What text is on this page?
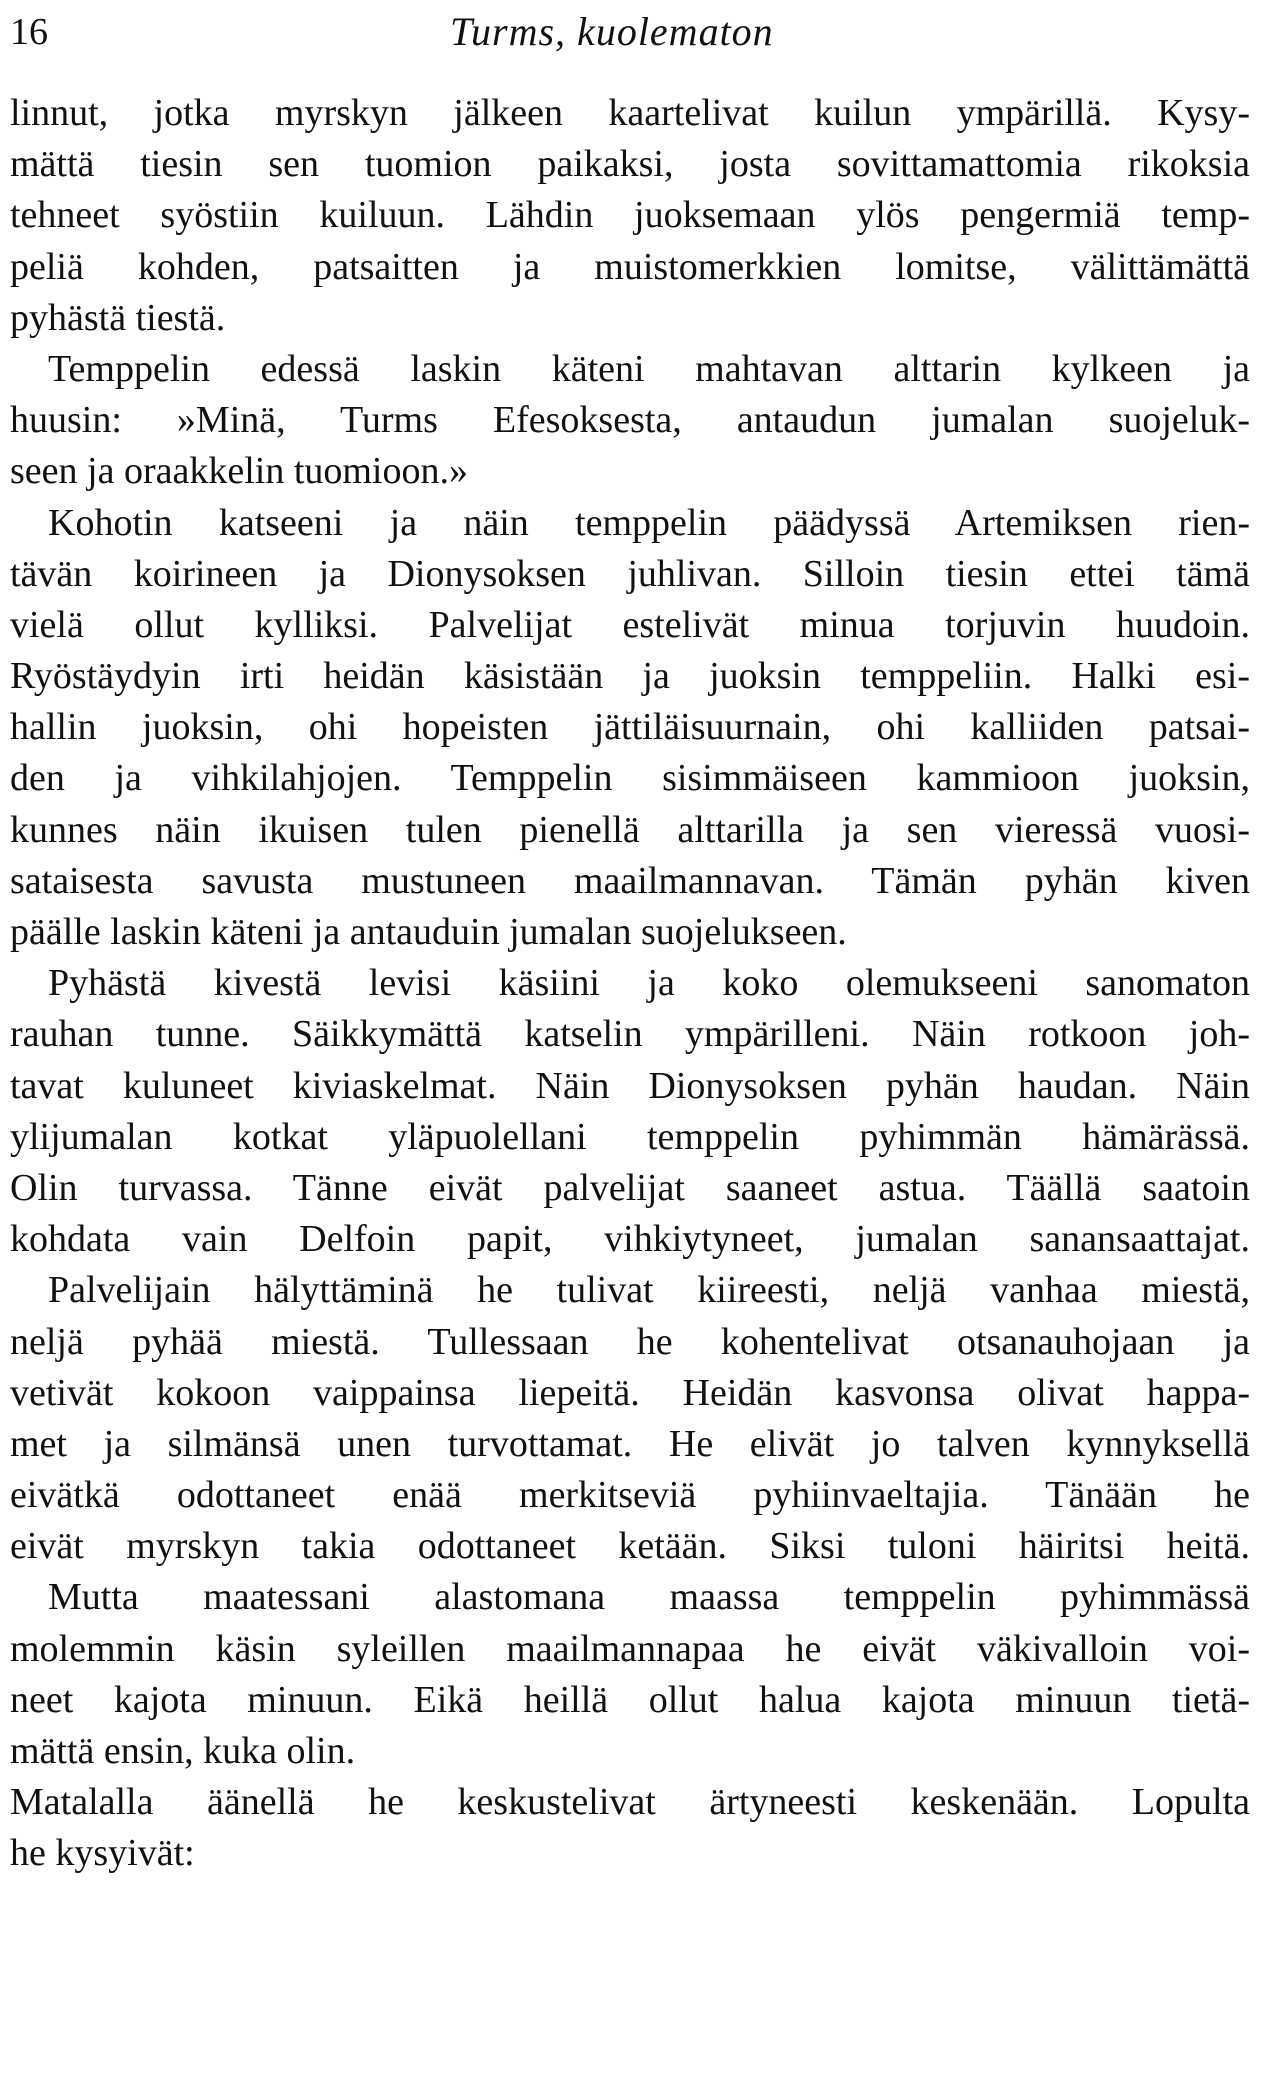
16	Turms, kuolematon
linnut, jotka myrskyn jälkeen kaartelivat kuilun ympärillä. Kysy-
mättä tiesin sen tuomion paikaksi, josta sovittamattomia rikoksia
tehneet syöstiin kuiluun. Lähdin juoksemaan ylös pengermiä temp-
peliä kohden, patsaitten ja muistomerkkien lomitse, välittämättä
pyhästä tiestä.
Temppelin edessä laskin käteni mahtavan alttarin kylkeen ja
huusin: »Minä, Turms Efesoksesta, antaudun jumalan suojeluk-
seen ja oraakkelin tuomioon.»
Kohotin katseeni ja näin temppelin päädyssä Artemiksen rien-
tävän koirineen ja Dionysoksen juhlivan. Silloin tiesin ettei tämä
vielä ollut kylliksi. Palvelijat estelivät minua torjuvin huudoin.
Ryöstäydyin irti heidän käsistään ja juoksin temppeliin. Halki esi-
hallin juoksin, ohi hopeisten jättiläisuurnain, ohi kalliiden patsai-
den ja vihkilahjojen. Temppelin sisimmäiseen kammioon juoksin,
kunnes näin ikuisen tulen pienellä alttarilla ja sen vieressä vuosi-
sataisesta savusta mustuneen maailmannavan. Tämän pyhän kiven
päälle laskin käteni ja antauduin jumalan suojelukseen.
Pyhästä kivestä levisi käsiini ja koko olemukseeni sanomaton
rauhan tunne. Säikkymättä katselin ympärilleni. Näin rotkoon joh-
tavat kuluneet kiviaskelmat. Näin Dionysoksen pyhän haudan. Näin
ylijumalan kotkat yläpuolellani temppelin pyhimmän hämärässä.
Olin turvassa. Tänne eivät palvelijat saaneet astua. Täällä saatoin
kohdata vain Delfoin papit, vihkiytyneet, jumalan sanansaattajat.
Palvelijain hälyttäminä he tulivat kiireesti, neljä vanhaa miestä,
neljä pyhää miestä. Tullessaan he kohentelivat otsanauhojaan ja
vetivät kokoon vaippainsa liepeitä. Heidän kasvonsa olivat happa-
met ja silmänsä unen turvottamat. He elivät jo talven kynnyksellä
eivätkä odottaneet enää merkitseviä pyhiinvaeltajia. Tänään he
eivät myrskyn takia odottaneet ketään. Siksi tuloni häiritsi heitä.
Mutta maatessani alastomana maassa temppelin pyhimmässä
molemmin käsin syleillen maailmannapaa he eivät väkivalloin voi-
neet kajota minuun. Eikä heillä ollut halua kajota minuun tietä-
mättä ensin, kuka olin.
Matalalla äänellä he keskustelivat ärtyneesti keskenään. Lopulta
he kysyivät:
